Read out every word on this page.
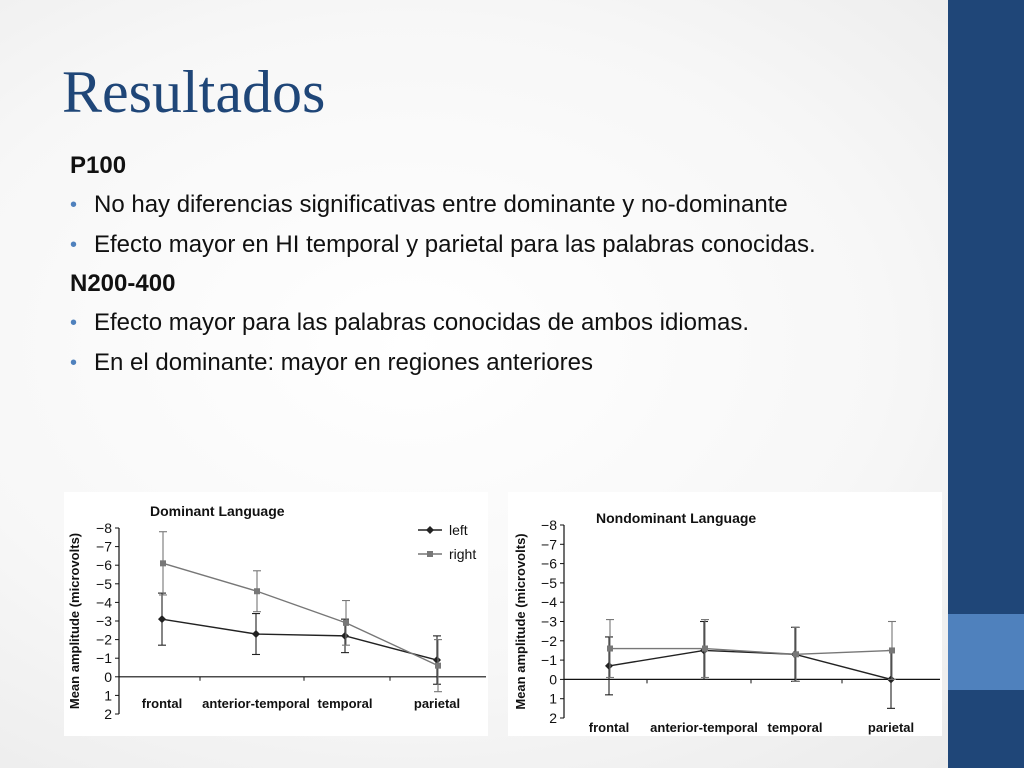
Resultados
P100
• No hay diferencias significativas entre dominante y no-dominante
• Efecto mayor en HI temporal y parietal para las palabras conocidas.
N200-400
• Efecto mayor para las palabras conocidas de ambos idiomas.
• En el dominante: mayor en regiones anteriores
Dominant Language
Mean amplitude (microvolts)
−8
−7
−6
−5
−4
−3
−2
−1
0
1
2
frontal anterior-temporal temporal	parietal
left
right
Nondominant Language
Mean amplitude (microvolts)
−8
−7
−6
−5
−4
−3
−2
−1
0
1
2
frontal anterior-temporal temporal	parietal
